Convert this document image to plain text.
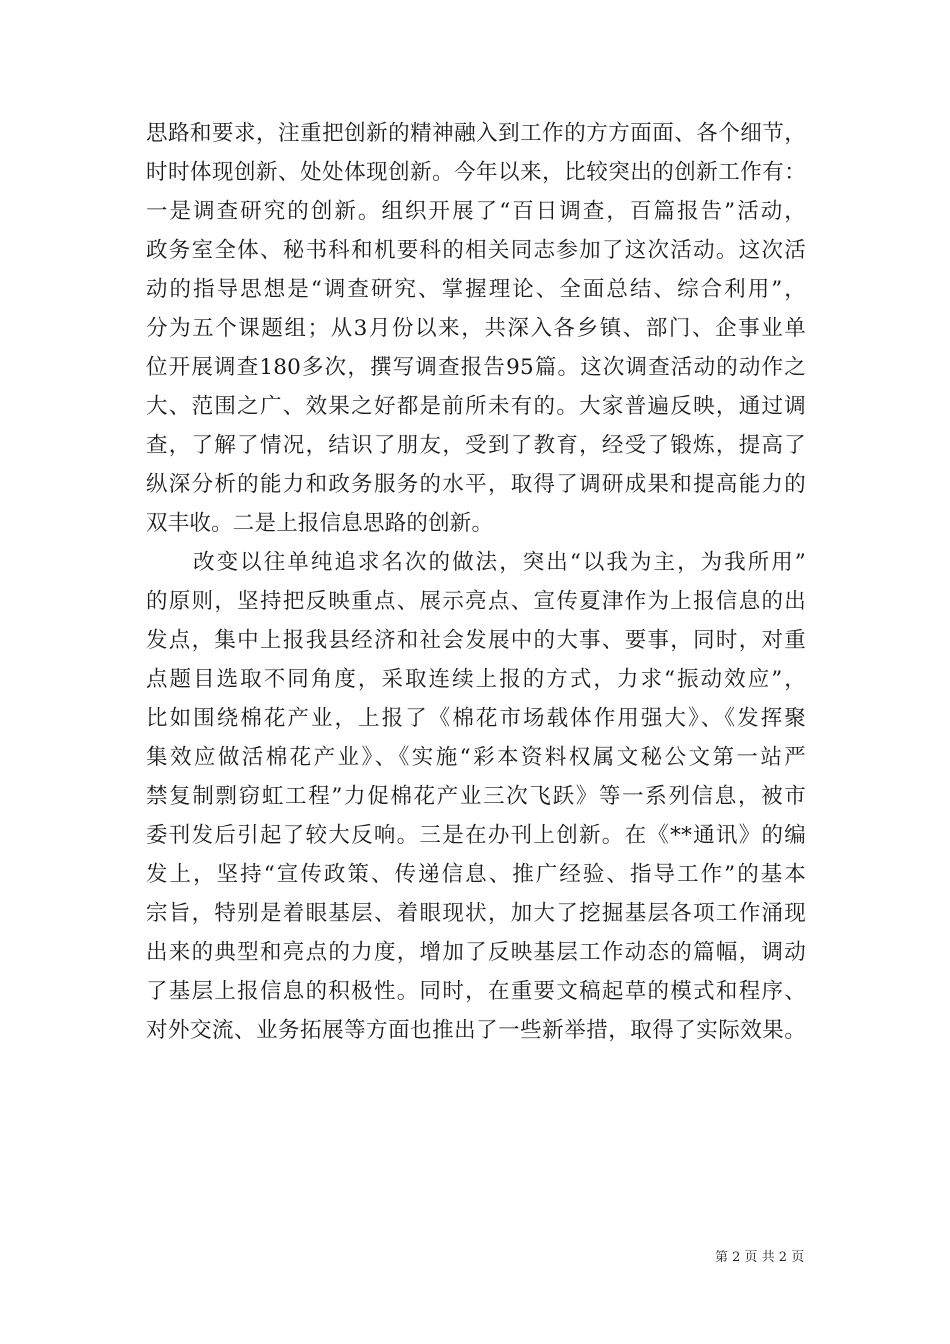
思路和要求，注重把创新的精神融入到工作的方方面面、各个细节，
时时体现创新、处处体现创新。今年以来，比较突出的创新工作有：
一是调查研究的创新。组织开展了“百日调查，百篇报告”活动，
政务室全体、秘书科和机要科的相关同志参加了这次活动。这次活
动的指导思想是“调查研究、掌握理论、全面总结、综合利用”，
分为五个课题组；从3月份以来，共深入各乡镇、部门、企事业单
位开展调查180多次，撰写调查报告95篇。这次调查活动的动作之
大、范围之广、效果之好都是前所未有的。大家普遍反映，通过调
查，了解了情况，结识了朋友，受到了教育，经受了锻炼，提高了
纵深分析的能力和政务服务的水平，取得了调研成果和提高能力的
双丰收。二是上报信息思路的创新。
　　改变以往单纯追求名次的做法，突出“以我为主，为我所用”
的原则，坚持把反映重点、展示亮点、宣传夏津作为上报信息的出
发点，集中上报我县经济和社会发展中的大事、要事，同时，对重
点题目选取不同角度，采取连续上报的方式，力求“振动效应”，
比如围绕棉花产业，上报了《棉花市场载体作用强大》、《发挥聚
集效应做活棉花产业》、《实施“彩本资料权属文秘公文第一站严
禁复制剽窃虹工程”力促棉花产业三次飞跃》等一系列信息，被市
委刊发后引起了较大反响。三是在办刊上创新。在《**通讯》的编
发上，坚持“宣传政策、传递信息、推广经验、指导工作”的基本
宗旨，特别是着眼基层、着眼现状，加大了挖掘基层各项工作涌现
出来的典型和亮点的力度，增加了反映基层工作动态的篇幅，调动
了基层上报信息的积极性。同时，在重要文稿起草的模式和程序、
对外交流、业务拓展等方面也推出了一些新举措，取得了实际效果。
第 2 页 共 2 页
